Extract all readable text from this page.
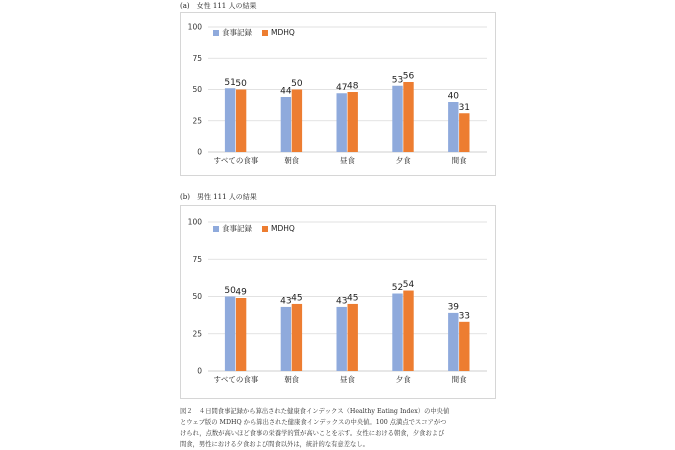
(a)　女性 111 人の結果
0
25
50
75
100
51 50
すべての食事
44
50
朝食
47 48
昼食
53 56
夕食
40
31
間食
食事記録	MDHQ
(b)　男性 111 人の結果
0
25
50
75
100
50 49
すべての食事
43 45
朝食
43 45
昼食
52 54
夕食
39
33
間食
食事記録	MDHQ
図２　４日間食事記録から算出された健康食インデックス（Healthy Eating Index）の中央値
とウェブ版の MDHQ から算出された健康食インデックスの中央値。100 点満点でスコアがつ
けられ，点数が高いほど食事の栄養学的質が高いことを示す。女性における朝食，夕食および
間食，男性における夕食および間食以外は，統計的な有意差なし。
